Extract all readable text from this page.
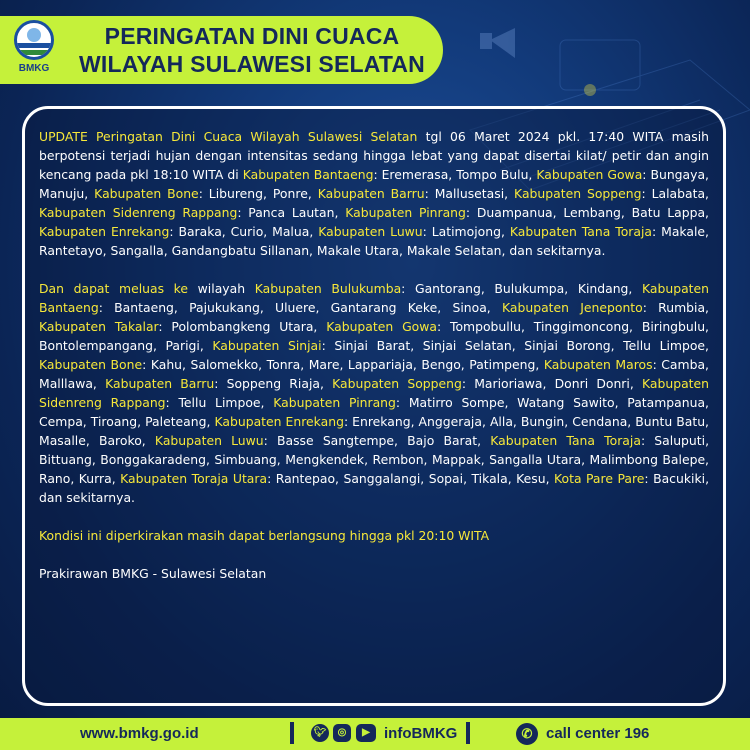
BMKG
PERINGATAN DINI CUACA
WILAYAH SULAWESI SELATAN

UPDATE Peringatan Dini Cuaca Wilayah Sulawesi Selatan tgl 06 Maret 2024 pkl. 17:40 WITA masih berpotensi terjadi hujan dengan intensitas sedang hingga lebat yang dapat disertai kilat/ petir dan angin kencang pada pkl 18:10 WITA di Kabupaten Bantaeng: Eremerasa, Tompo Bulu, Kabupaten Gowa: Bungaya, Manuju, Kabupaten Bone: Libureng, Ponre, Kabupaten Barru: Mallusetasi, Kabupaten Soppeng: Lalabata, Kabupaten Sidenreng Rappang: Panca Lautan, Kabupaten Pinrang: Duampanua, Lembang, Batu Lappa, Kabupaten Enrekang: Baraka, Curio, Malua, Kabupaten Luwu: Latimojong, Kabupaten Tana Toraja: Makale, Rantetayo, Sangalla, Gandangbatu Sillanan, Makale Utara, Makale Selatan, dan sekitarnya.

Dan dapat meluas ke wilayah Kabupaten Bulukumba: Gantorang, Bulukumpa, Kindang, Kabupaten Bantaeng: Bantaeng, Pajukukang, Uluere, Gantarang Keke, Sinoa, Kabupaten Jeneponto: Rumbia, Kabupaten Takalar: Polombangkeng Utara, Kabupaten Gowa: Tompobullu, Tinggimoncong, Biringbulu, Bontolempangang, Parigi, Kabupaten Sinjai: Sinjai Barat, Sinjai Selatan, Sinjai Borong, Tellu Limpoe, Kabupaten Bone: Kahu, Salomekko, Tonra, Mare, Lappariaja, Bengo, Patimpeng, Kabupaten Maros: Camba, Malllawa, Kabupaten Barru: Soppeng Riaja, Kabupaten Soppeng: Marioriawa, Donri Donri, Kabupaten Sidenreng Rappang: Tellu Limpoe, Kabupaten Pinrang: Matirro Sompe, Watang Sawito, Patampanua, Cempa, Tiroang, Paleteang, Kabupaten Enrekang: Enrekang, Anggeraja, Alla, Bungin, Cendana, Buntu Batu, Masalle, Baroko, Kabupaten Luwu: Basse Sangtempe, Bajo Barat, Kabupaten Tana Toraja: Saluputi, Bittuang, Bonggakaradeng, Simbuang, Mengkendek, Rembon, Mappak, Sangalla Utara, Malimbong Balepe, Rano, Kurra, Kabupaten Toraja Utara: Rantepao, Sanggalangi, Sopai, Tikala, Kesu, Kota Pare Pare: Bacukiki, dan sekitarnya.

Kondisi ini diperkirakan masih dapat berlangsung hingga pkl 20:10 WITA

Prakirawan BMKG - Sulawesi Selatan

www.bmkg.go.id	🐦︎	◎	▶ infoBMKG	✆ call center 196
